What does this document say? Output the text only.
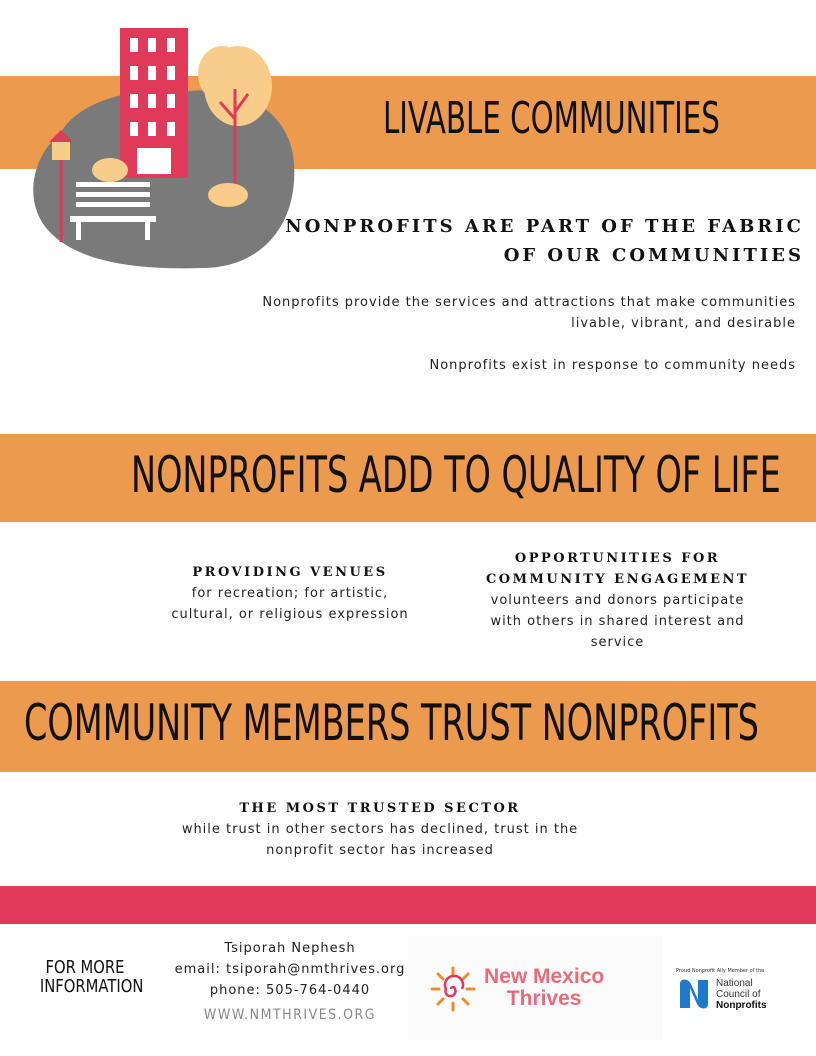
LIVABLE COMMUNITIES
NONPROFITS ARE PART OF THE FABRIC
OF OUR COMMUNITIES
Nonprofits provide the services and attractions that make communities
livable, vibrant, and desirable
Nonprofits exist in response to community needs
NONPROFITS ADD TO QUALITY OF LIFE
PROVIDING VENUES
for recreation; for artistic,
cultural, or religious expression
OPPORTUNITIES FOR
COMMUNITY ENGAGEMENT
volunteers and donors participate
with others in shared interest and
service
COMMUNITY MEMBERS TRUST NONPROFITS
THE MOST TRUSTED SECTOR
while trust in other sectors has declined, trust in the
nonprofit sector has increased
FOR MORE
INFORMATION
Tsiporah Nephesh
email: tsiporah@nmthrives.org
phone: 505-764-0440
WWW.NMTHRIVES.ORG
New Mexico
Thrives
Proud Nonprofit Ally Member of the
National
Council of
Nonprofits
